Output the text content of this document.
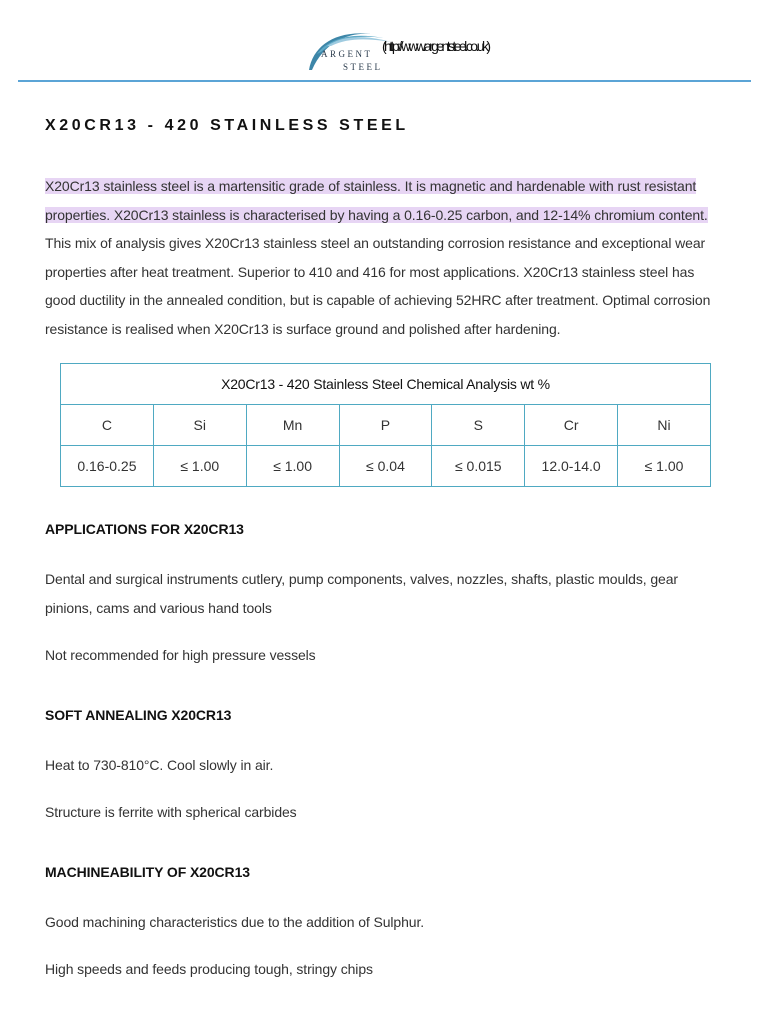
ARGENT
STEEL
(http://www.argentsteel.co.uk)
X20CR13 - 420 STAINLESS STEEL

X20Cr13 stainless steel is a martensitic grade of stainless. It is magnetic and hardenable with rust resistant properties. X20Cr13 stainless is characterised by having a 0.16-0.25 carbon, and 12-14% chromium content. This mix of analysis gives X20Cr13 stainless steel an outstanding corrosion resistance and exceptional wear properties after heat treatment. Superior to 410 and 416 for most applications. X20Cr13 stainless steel has good ductility in the annealed condition, but is capable of achieving 52HRC after treatment. Optimal corrosion resistance is realised when X20Cr13 is surface ground and polished after hardening.

X20Cr13 - 420 Stainless Steel Chemical Analysis wt %						
C	Si	Mn	P	S	Cr	Ni
0.16-0.25	≤ 1.00	≤ 1.00	≤ 0.04	≤ 0.015	12.0-14.0	≤ 1.00
APPLICATIONS FOR X20CR13

Dental and surgical instruments cutlery, pump components, valves, nozzles, shafts, plastic moulds, gear pinions, cams and various hand tools

Not recommended for high pressure vessels

SOFT ANNEALING X20CR13

Heat to 730-810°C. Cool slowly in air.

Structure is ferrite with spherical carbides

MACHINEABILITY OF X20CR13

Good machining characteristics due to the addition of Sulphur.

High speeds and feeds producing tough, stringy chips
